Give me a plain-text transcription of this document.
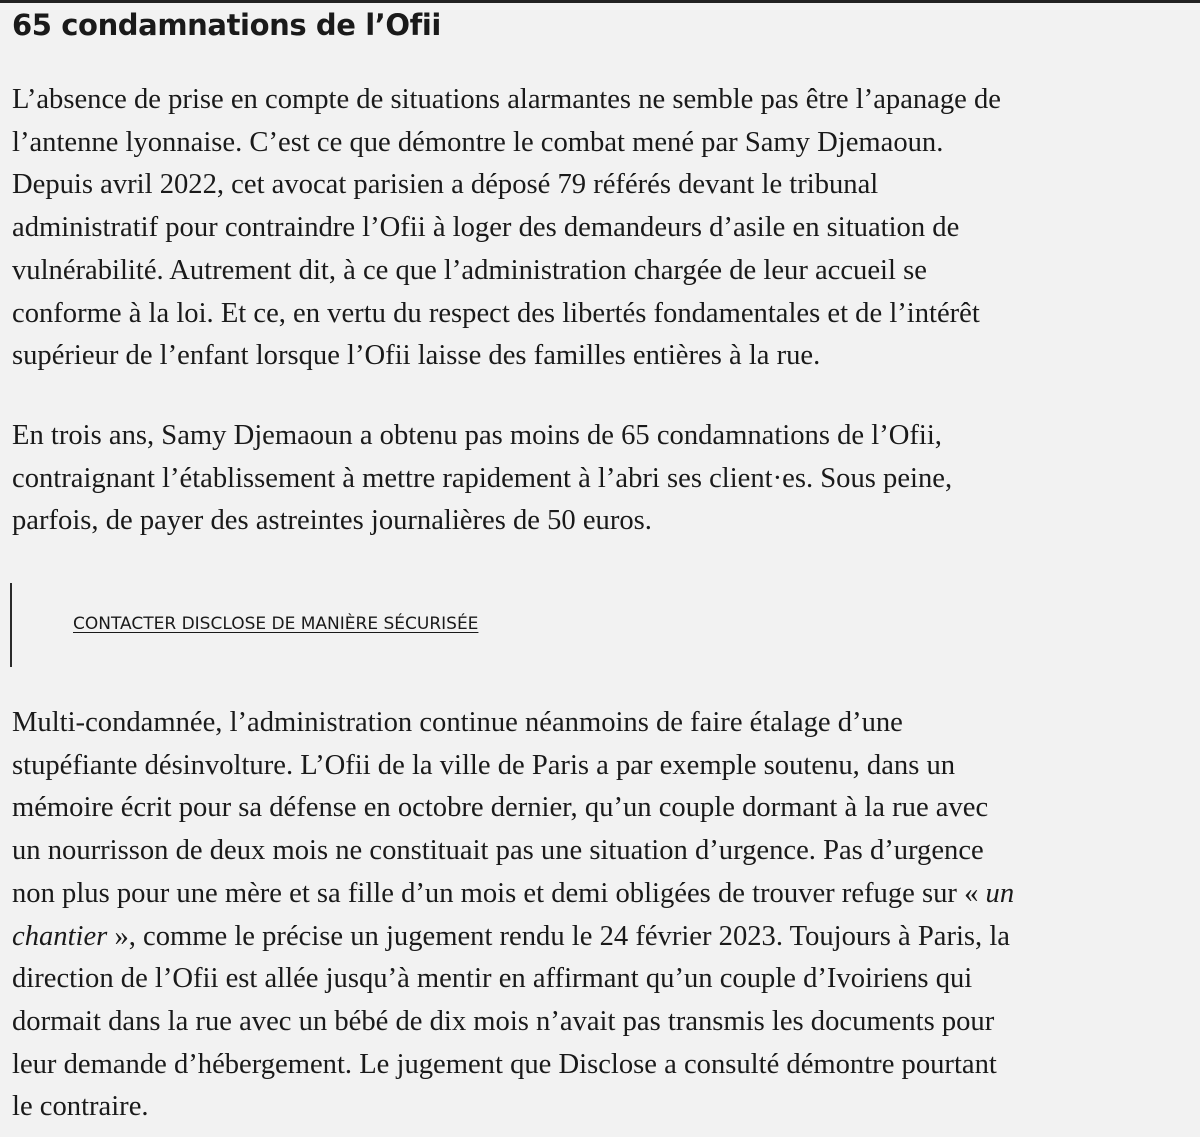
65 condamnations de l’Ofii

L’absence de prise en compte de situations alarmantes ne semble pas être l’apanage de
l’antenne lyonnaise. C’est ce que démontre le combat mené par Samy Djemaoun.
Depuis avril 2022, cet avocat parisien a déposé 79 référés devant le tribunal
administratif pour contraindre l’Ofii à loger des demandeurs d’asile en situation de
vulnérabilité. Autrement dit, à ce que l’administration chargée de leur accueil se
conforme à la loi. Et ce, en vertu du respect des libertés fondamentales et de l’intérêt
supérieur de l’enfant lorsque l’Ofii laisse des familles entières à la rue.

En trois ans, Samy Djemaoun a obtenu pas moins de 65 condamnations de l’Ofii,
contraignant l’établissement à mettre rapidement à l’abri ses client·es. Sous peine,
parfois, de payer des astreintes journalières de 50 euros.

Multi-condamnée, l’administration continue néanmoins de faire étalage d’une
stupéfiante désinvolture. L’Ofii de la ville de Paris a par exemple soutenu, dans un
mémoire écrit pour sa défense en octobre dernier, qu’un couple dormant à la rue avec
un nourrisson de deux mois ne constituait pas une situation d’urgence. Pas d’urgence
non plus pour une mère et sa fille d’un mois et demi obligées de trouver refuge sur « un
chantier », comme le précise un jugement rendu le 24 février 2023. Toujours à Paris, la
direction de l’Ofii est allée jusqu’à mentir en affirmant qu’un couple d’Ivoiriens qui
dormait dans la rue avec un bébé de dix mois n’avait pas transmis les documents pour
leur demande d’hébergement. Le jugement que Disclose a consulté démontre pourtant
le contraire.

CONTACTER DISCLOSE DE MANIÈRE SÉCURISÉE
